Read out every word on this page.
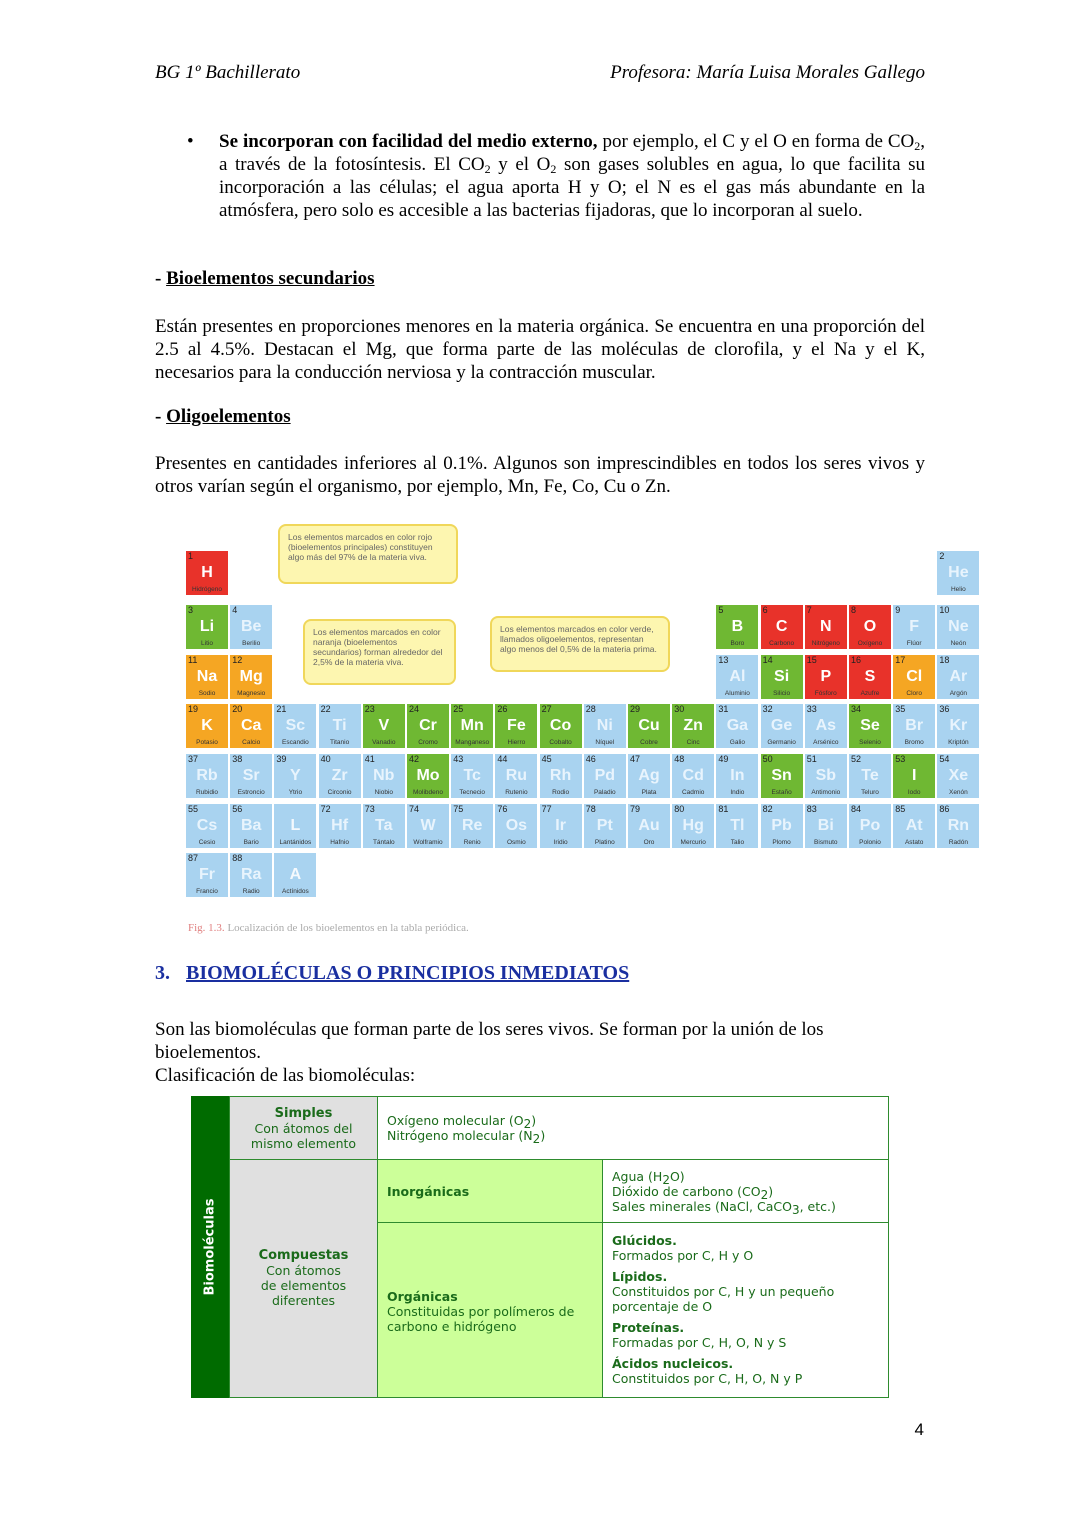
BG 1º Bachillerato	Profesora: María Luisa Morales Gallego
• Se incorporan con facilidad del medio externo, por ejemplo, el C y el O en forma de $CO_2$, a través de la fotosíntesis. El $CO_2$ y el $O_2$ son gases solubles en agua, lo que facilita su incorporación a las células; el agua aporta H y O; el N es el gas más abundante en la atmósfera, pero solo es accesible a las bacterias fijadoras, que lo incorporan al suelo.
- Bioelementos secundarios
Están presentes en proporciones menores en la materia orgánica. Se encuentra en una proporción del 2.5 al 4.5%. Destacan el Mg, que forma parte de las moléculas de clorofila, y el Na y el K, necesarios para la conducción nerviosa y la contracción muscular.
- Oligoelementos
Presentes en cantidades inferiores al 0.1%. Algunos son imprescindibles en todos los seres vivos y otros varían según el organismo, por ejemplo, Mn, Fe, Co, Cu o Zn.
1
H
Hidrógeno
2
He
Helio
3
Li
Litio
4
Be
Berilio
5
B
Boro
6
C
Carbono
7
N
Nitrógeno
8
O
Oxígeno
9
F
Flúor
10
Ne
Neón
11
Na
Sodio
12
Mg
Magnesio
13
Al
Aluminio
14
Si
Silicio
15
P
Fósforo
16
S
Azufre
17
Cl
Cloro
18
Ar
Argón
19
K
Potasio
20
Ca
Calcio
21
Sc
Escandio
22
Ti
Titanio
23
V
Vanadio
24
Cr
Cromo
25
Mn
Manganeso
26
Fe
Hierro
27
Co
Cobalto
28
Ni
Níquel
29
Cu
Cobre
30
Zn
Cinc
31
Ga
Galio
32
Ge
Germanio
33
As
Arsénico
34
Se
Selenio
35
Br
Bromo
36
Kr
Kriptón
37
Rb
Rubidio
38
Sr
Estroncio
39
Y
Ytrio
40
Zr
Circonio
41
Nb
Niobio
42
Mo
Molibdeno
43
Tc
Tecnecio
44
Ru
Rutenio
45
Rh
Rodio
46
Pd
Paladio
47
Ag
Plata
48
Cd
Cadmio
49
In
Indio
50
Sn
Estaño
51
Sb
Antimonio
52
Te
Teluro
53
I
Iodo
54
Xe
Xenón
55
Cs
Cesio
56
Ba
Bario
L
Lantánidos
72
Hf
Hafnio
73
Ta
Tántalo
74
W
Wolframio
75
Re
Renio
76
Os
Osmio
77
Ir
Iridio
78
Pt
Platino
79
Au
Oro
80
Hg
Mercurio
81
Tl
Talio
82
Pb
Plomo
83
Bi
Bismuto
84
Po
Polonio
85
At
Astato
86
Rn
Radón
87
Fr
Francio
88
Ra
Radio
A
Actínidos
Los elementos marcados en color rojo (bioelementos principales) constituyen algo más del 97% de la materia viva.
Los elementos marcados en color naranja (bioelementos secundarios) forman alrededor del 2,5% de la materia viva.
Los elementos marcados en color verde, llamados oligoelementos, representan algo menos del 0,5% de la materia prima.
Fig. 1.3. Localización de los bioelementos en la tabla periódica.
3. BIOMOLÉCULAS O PRINCIPIOS INMEDIATOS
Son las biomoléculas que forman parte de los seres vivos. Se forman por la unión de los bioelementos.
Clasificación de las biomoléculas:
Biomoléculas
Simples
Con átomos del
mismo elemento
Oxígeno molecular $(O_2)$
Nitrógeno molecular $(N_2)$
Compuestas
Con átomos
de elementos
diferentes
Inorgánicas
Agua $(H_2O)$
Dióxido de carbono $(CO_2)$
Sales minerales (NaCl, CaCO$_3$, etc.)
Orgánicas
Constituidas por polímeros de
carbono e hidrógeno
Glúcidos.
Formados por C, H y O
Lípidos.
Constituidos por C, H y un pequeño
porcentaje de O
Proteínas.
Formadas por C, H, O, N y S
Ácidos nucleicos.
Constituidos por C, H, O, N y P
4
